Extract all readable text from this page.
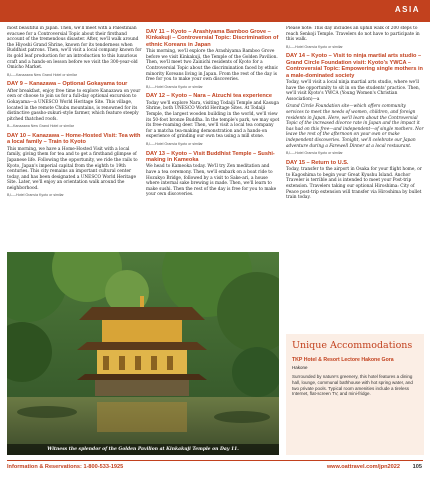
ASIA

most beautiful in Japan. Then, we'll meet with a Palestinian evacuee for a Controversial Topic about their firsthand account of the tremendous disaster. After, we'll walk around the Hiyoshi Grand Shrine, known for its tenderness when Buddhist patrons. Then, we'll visit a local company known for its gold leaf production for an introduction to this luxurious craft and a hands-on lesson before we visit the 300-year-old Omicho Market.

B,L—Kanazawa New Grand Hotel or similar
DAY 9 – Kanazawa – Optional Gokayama tour

After breakfast, enjoy free time to explore Kanazawa on your own or choose to join us for a full-day optional excursion to Gokayama—a UNESCO World Heritage Site. This village, located in the remote Chubu mountains, is renowned for its distinctive gassho-zukuri-style farmer, which feature steeply pitched thatched roofs.

B—Kanazawa New Grand Hotel or similar
DAY 10 – Kanazawa – Home-Hosted Visit: Tea with a local family – Train to Kyoto

This morning, we have a Home-Hosted Visit with a local family, giving them for tea and to get a firsthand glimpse of Japanese life. Following the opportunity, we ride the rails to Kyoto, Japan's imperial capital from the eighth to 19th centuries. This city remains an important cultural center today, and has been designated a UNESCO World Heritage Site. Later, we'll enjoy an orientation walk around the neighborhood.

B,L—Hotel Granvia Kyoto or similar
DAY 11 – Kyoto – Arashiyama Bamboo Grove – Kinkakuji – Controversial Topic: Discrimination of ethnic Koreans in Japan

This morning, we'll explore the Arashiyama Bamboo Grove before we visit Kinkakuji, the Temple of the Golden Pavilion. Then, we'll meet two Zainichi residents of Kyoto for a Controversial Topic about the discrimination faced by ethnic minority Koreans living in Japan. From the rest of the day is free for you to make your own discoveries.

B,L—Hotel Granvia Kyoto or similar
DAY 12 – Kyoto – Nara – Aizuchi tea experience

Today we'll explore Nara, visiting Todaiji Temple and Kasuga Shrine, both UNESCO World Heritage Sites. At Todaiji Temple, the largest wooden building in the world, we'll view its 50-foot bronze Buddha. In the temple's park, we may spot its free-roaming deer. Then, we'll visit a local tea company for a matcha tea-making demonstration and a hands-on experience of grinding our own tea using a mill stone.

B,L—Hotel Granvia Kyoto or similar
DAY 13 – Kyoto – Visit Buddhist Temple – Sushi-making in Kameoka

We head to Kameoka today. We'll try Zen meditation and have a tea ceremony. Then, we'll embark on a boat ride to Hozukyo Bridge, followed by a visit to Sake-ari, a house where internal sake brewing is made. Then, we'll learn to make sushi. Then the rest of the day is free for you to make your own discoveries.

Please note: This day includes an uphill walk of 200 steps to reach Senkoji Temple. Travelers do not have to participate in this walk.

B,L—Hotel Granvia Kyoto or similar
DAY 14 – Kyoto – Visit to ninja martial arts studio – Grand Circle Foundation visit: Kyoto's YWCA – Controversial Topic: Empowering single mothers in a male-dominated society

Today, we'll visit a local ninja martial arts studio, where we'll have the opportunity to sit in on the students' practice. Then, we'll visit Kyoto's YWCA (Young Women's Christian Association)—a

Grand Circle Foundation site—which offers community services to meet the needs of women, children, and foreign residents in Japan. Here, we'll learn about the Controversial Topic of the increased divorce rate in Japan and the impact it has had on this free—and independent—of single mothers. Nor leave the rest of the afternoon on your own or make independent discoveries. Tonight, we'll celebrate our Japan adventure during a Farewell Dinner at a local restaurant.

B,L—Hotel Granvia Kyoto or similar
DAY 15 – Return to U.S.

Today, transfer to the airport in Osaka for your flight home, or to Kagoshima to begin your Great Kyushu Island. Anchor Traveler is terrible and is intended to meet your Post-trip extension. Travelers taking our optional Hiroshima: City of Peace post-trip extension will transfer via Hiroshima by bullet train today.

Witness the splendor of the Golden Pavilion at Kinkakuji Temple on Day 11.
Unique Accommodations
TKP Hotel & Resort Lectore Hakone Gora
Hakone
Surrounded by nature's greenery, this hotel features a dining hall, lounge, communal bathhouse with hot spring water, and two private pools. Typical room amenities include a tireless Internet, flat-screen TV, and mini-fridge.
Information & Reservations: 1-800-533-1925	www.oattravel.com/jpn2022 105
